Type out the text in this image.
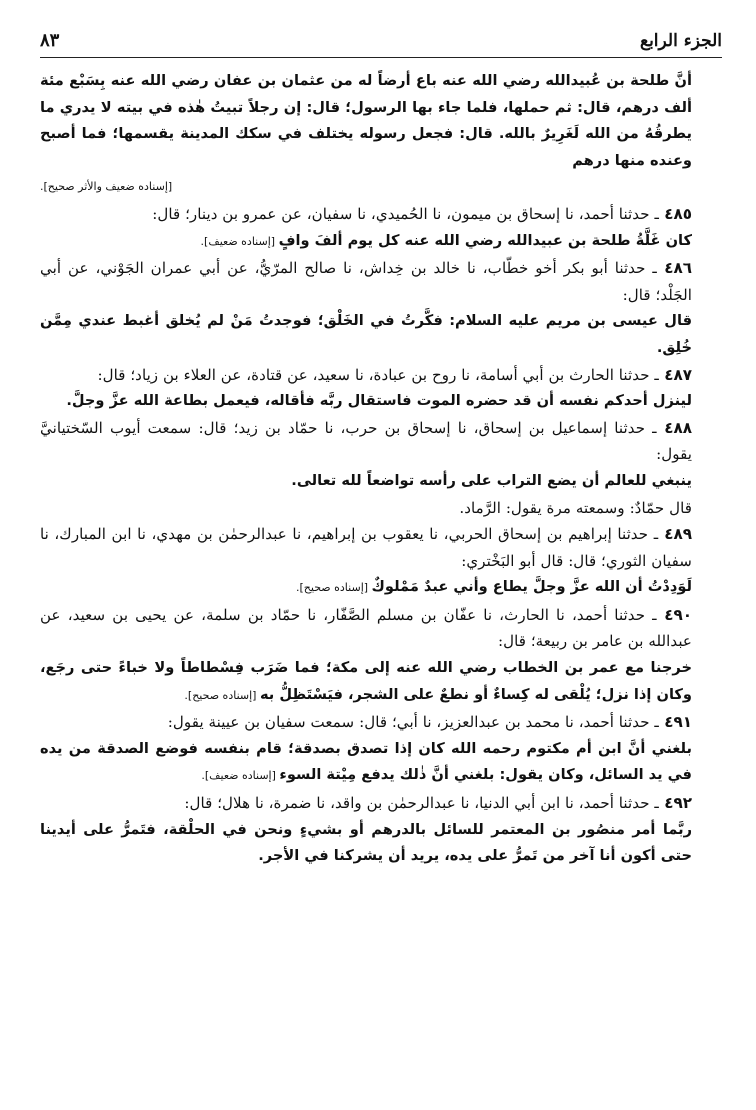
الجزء الرابع
٨٣

أنَّ طلحة بن عُبيدالله رضي الله عنه باع أرضاً له من عثمان بن عفان رضي الله عنه بِسَبْع مئة ألف درهم، قال: ثم حملها، فلما جاء بها الرسول؛ قال: إن رجلاً تبيتُ هٰذه في بيته لا يدري ما يطرقُهُ من الله لَغَرِيرٌ بالله. قال: فجعل رسوله يختلف في سكك المدينة يقسمها؛ فما أصبح وعنده منها درهم

[إسناده ضعيف والأثر صحيح].

٤٨٥ ـ حدثنا أحمد، نا إسحاق بن ميمون، نا الحُميدي، نا سفيان، عن عمرو بن دينار؛ قال:

كان غَلَّةُ طلحة بن عبيدالله رضي الله عنه كل يوم ألفَ وافٍ [إسناده ضعيف].

٤٨٦ ـ حدثنا أبو بكر أخو خطّاب، نا خالد بن خِداش، نا صالح المرّيُّ، عن أبي عمران الجَوْني، عن أبي الجَلْد؛ قال:

قال عيسى بن مريم عليه السلام: فكَّرتُ في الخَلْق؛ فوجدتُ مَنْ لم يُخلق أغبط عندي مِمَّن خُلِق.

٤٨٧ ـ حدثنا الحارث بن أبي أسامة، نا روح بن عبادة، نا سعيد، عن قتادة، عن العلاء بن زياد؛ قال:

لينزل أحدكم نفسه أن قد حضره الموت فاستقال ربَّه فأقاله، فيعمل بطاعة الله عزَّ وجلَّ.

٤٨٨ ـ حدثنا إسماعيل بن إسحاق، نا إسحاق بن حرب، نا حمّاد بن زيد؛ قال: سمعت أيوب السّختيانيَّ يقول:

ينبغي للعالم أن يضع التراب على رأسه تواضعاً لله تعالى.

قال حمّادٌ: وسمعته مرة يقول: الرَّماد.

٤٨٩ ـ حدثنا إبراهيم بن إسحاق الحربي، نا يعقوب بن إبراهيم، نا عبدالرحمٰن بن مهدي، نا ابن المبارك، نا سفيان الثوري؛ قال: قال أبو البَخْتري:

لَوَدِدْتُ أن الله عزَّ وجلَّ يطاع وأني عبدٌ مَمْلوكٌ [إسناده صحيح].

٤٩٠ ـ حدثنا أحمد، نا الحارث، نا عفّان بن مسلم الصَّفّار، نا حمّاد بن سلمة، عن يحيى بن سعيد، عن عبدالله بن عامر بن ربيعة؛ قال:

خرجنا مع عمر بن الخطاب رضي الله عنه إلى مكة؛ فما ضَرَب فِسْطاطاً ولا خباءً حتى رجَع، وكان إذا نزل؛ يُلْقى له كِساءٌ أو نطعٌ على الشجر، فيَسْتَظِلُّ به [إسناده صحيح].

٤٩١ ـ حدثنا أحمد، نا محمد بن عبدالعزيز، نا أبي؛ قال: سمعت سفيان بن عيينة يقول:

بلغني أنَّ ابن أم مكتوم رحمه الله كان إذا تصدق بصدقة؛ قام بنفسه فوضع الصدقة من يده في يد السائل، وكان يقول: بلغني أنَّ ذٰلك يدفع مِيْتة السوء [إسناده ضعيف].

٤٩٢ ـ حدثنا أحمد، نا ابن أبي الدنيا، نا عبدالرحمٰن بن واقد، نا ضمرة، نا هلال؛ قال:

ربَّما أمر منصُور بن المعتمر للسائل بالدرهم أو بشيءٍ ونحن في الحلْقة، فتَمرُّ على أيدينا حتى أكون أنا آخر من تَمرُّ على يده، يريد أن يشركنا في الأجر.
